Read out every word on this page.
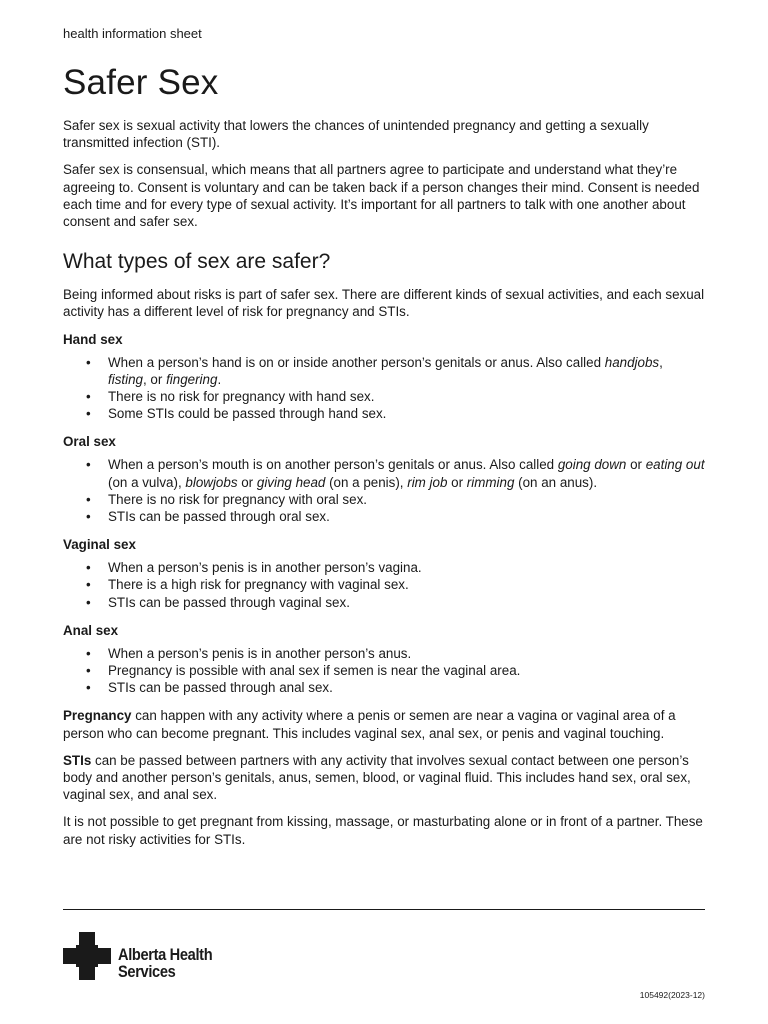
health information sheet
Safer Sex

Safer sex is sexual activity that lowers the chances of unintended pregnancy and getting a sexually transmitted infection (STI).

Safer sex is consensual, which means that all partners agree to participate and understand what they’re agreeing to. Consent is voluntary and can be taken back if a person changes their mind. Consent is needed each time and for every type of sexual activity. It’s important for all partners to talk with one another about consent and safer sex.

What types of sex are safer?

Being informed about risks is part of safer sex. There are different kinds of sexual activities, and each sexual activity has a different level of risk for pregnancy and STIs.

Hand sex
• When a person’s hand is on or inside another person’s genitals or anus. Also called handjobs, fisting, or fingering.
• There is no risk for pregnancy with hand sex.
• Some STIs could be passed through hand sex.
Oral sex
• When a person’s mouth is on another person’s genitals or anus. Also called going down or eating out (on a vulva), blowjobs or giving head (on a penis), rim job or rimming (on an anus).
• There is no risk for pregnancy with oral sex.
• STIs can be passed through oral sex.
Vaginal sex
• When a person’s penis is in another person’s vagina.
• There is a high risk for pregnancy with vaginal sex.
• STIs can be passed through vaginal sex.
Anal sex
• When a person’s penis is in another person’s anus.
• Pregnancy is possible with anal sex if semen is near the vaginal area.
• STIs can be passed through anal sex.

Pregnancy can happen with any activity where a penis or semen are near a vagina or vaginal area of a person who can become pregnant. This includes vaginal sex, anal sex, or penis and vaginal touching.

STIs can be passed between partners with any activity that involves sexual contact between one person’s body and another person’s genitals, anus, semen, blood, or vaginal fluid. This includes hand sex, oral sex, vaginal sex, and anal sex.

It is not possible to get pregnant from kissing, massage, or masturbating alone or in front of a partner. These are not risky activities for STIs.

Alberta Health
Services
105492(2023-12)
